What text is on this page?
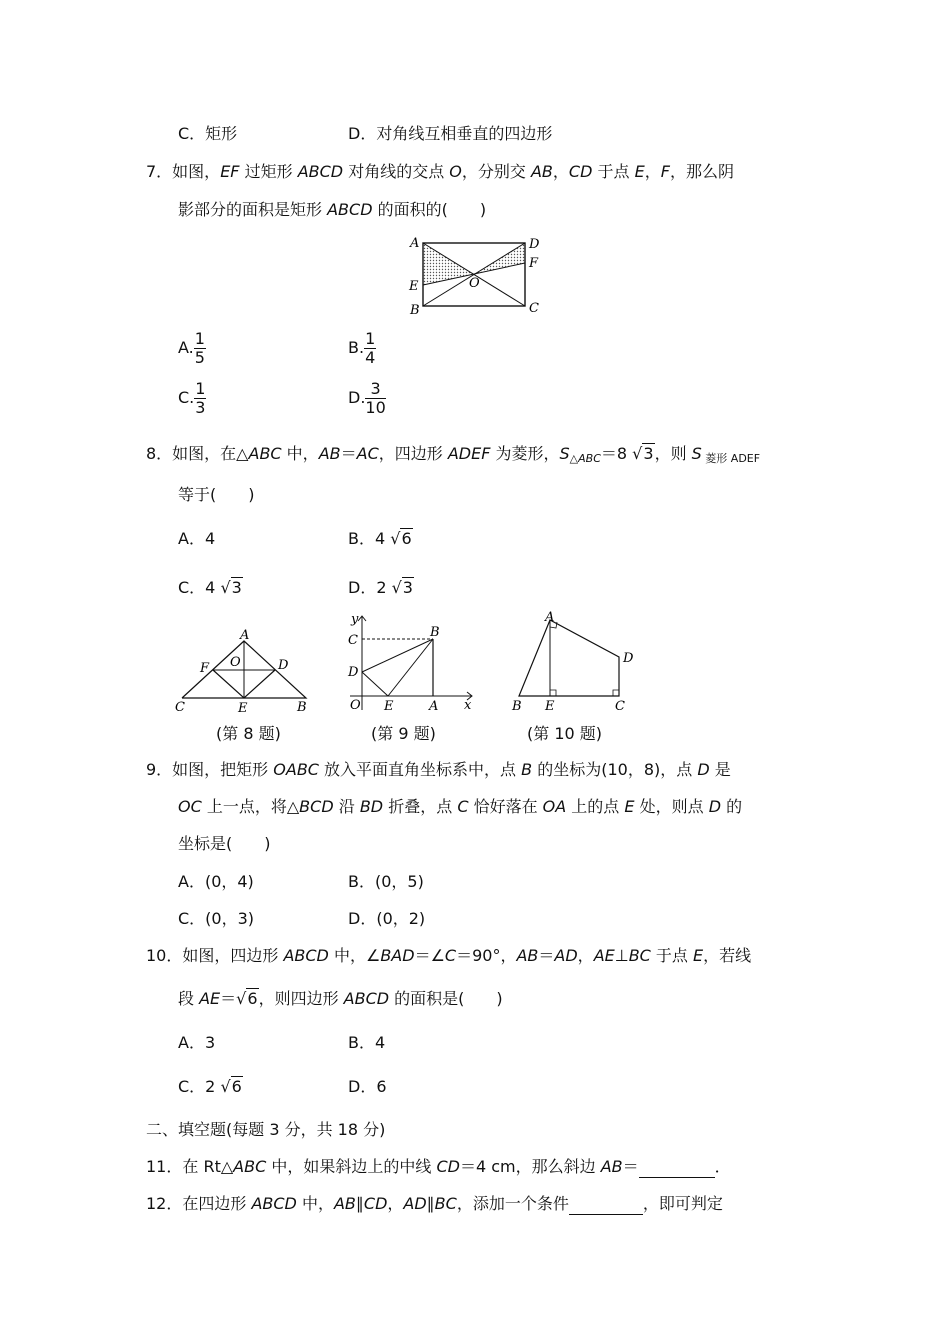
C．矩形	D．对角线互相垂直的四边形
7．如图，EF 过矩形 ABCD 对角线的交点 O，分别交 AB，CD 于点 E，F，那么阴
影部分的面积是矩形 ABCD 的面积的(　　)
A	D
F
O
E
B	C
A. $\frac{1}{5}$	B. $\frac{1}{4}$
C. $\frac{1}{3}$	D. $\frac{3}{10}$
8．如图，在△ABC 中，AB＝AC，四边形 ADEF 为菱形，$S_{\triangle ABC}=8$ √3，则 S $_{菱形 ADEF}$
等于(　　)
A．4	B．4 √6
C．4 √3	D．2 √3
A
F O	D
C	E	B
y
C
B
D
O E	A x
A
D
B E	C
(第 8 题)	(第 9 题)	(第 10 题)
9．如图，把矩形 OABC 放入平面直角坐标系中，点 B 的坐标为(10，8)，点 D 是
OC 上一点，将△BCD 沿 BD 折叠，点 C 恰好落在 OA 上的点 E 处，则点 D 的
坐标是(　　)
A．(0，4)	B．(0，5)
C．(0，3)	D．(0，2)
10．如图，四边形 ABCD 中，∠BAD＝∠C＝90°，AB＝AD，AE⊥BC 于点 E，若线
段 AE＝√6，则四边形 ABCD 的面积是(　　)
A．3	B．4
C．2 √6	D．6
二、填空题(每题 3 分，共 18 分)
11．在 Rt△ABC 中，如果斜边上的中线 CD＝4 cm，那么斜边 AB＝	．
12．在四边形 ABCD 中，AB∥CD，AD∥BC，添加一个条件	，即可判定
